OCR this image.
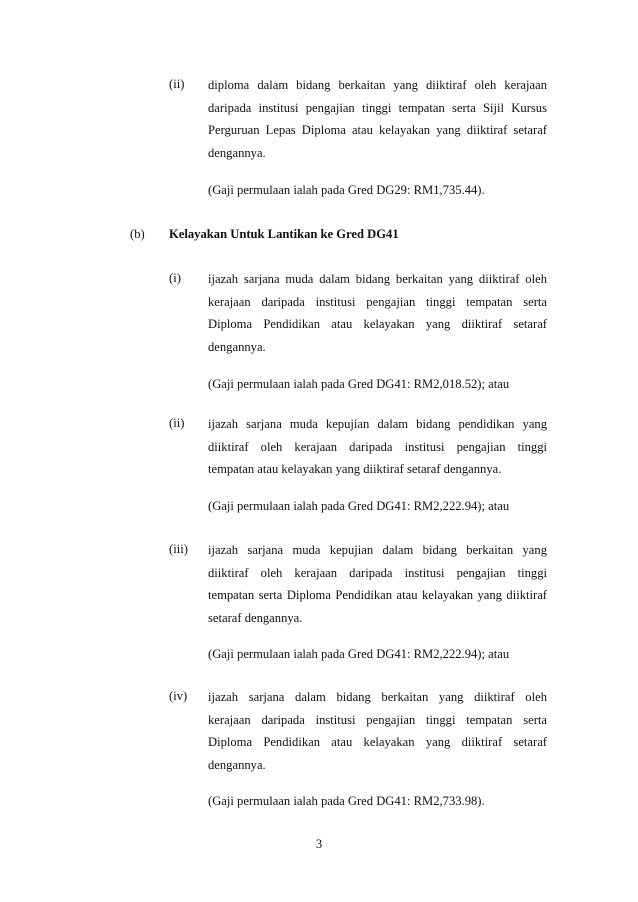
(ii) diploma dalam bidang berkaitan yang diiktiraf oleh kerajaan
daripada institusi pengajian tinggi tempatan serta Sijil Kursus
Perguruan Lepas Diploma atau kelayakan yang diiktiraf setaraf
dengannya.
(Gaji permulaan ialah pada Gred DG29: RM1,735.44).
(b) Kelayakan Untuk Lantikan ke Gred DG41
(i) ijazah sarjana muda dalam bidang berkaitan yang diiktiraf oleh
kerajaan daripada institusi pengajian tinggi tempatan serta
Diploma Pendidikan atau kelayakan yang diiktiraf setaraf
dengannya.
(Gaji permulaan ialah pada Gred DG41: RM2,018.52); atau
(ii) ijazah sarjana muda kepujian dalam bidang pendidikan yang
diiktiraf oleh kerajaan daripada institusi pengajian tinggi
tempatan atau kelayakan yang diiktiraf setaraf dengannya.
(Gaji permulaan ialah pada Gred DG41: RM2,222.94); atau
(iii) ijazah sarjana muda kepujian dalam bidang berkaitan yang
diiktiraf oleh kerajaan daripada institusi pengajian tinggi
tempatan serta Diploma Pendidikan atau kelayakan yang diiktiraf
setaraf dengannya.
(Gaji permulaan ialah pada Gred DG41: RM2,222.94); atau
(iv) ijazah sarjana dalam bidang berkaitan yang diiktiraf oleh
kerajaan daripada institusi pengajian tinggi tempatan serta
Diploma Pendidikan atau kelayakan yang diiktiraf setaraf
dengannya.
(Gaji permulaan ialah pada Gred DG41: RM2,733.98).
3
